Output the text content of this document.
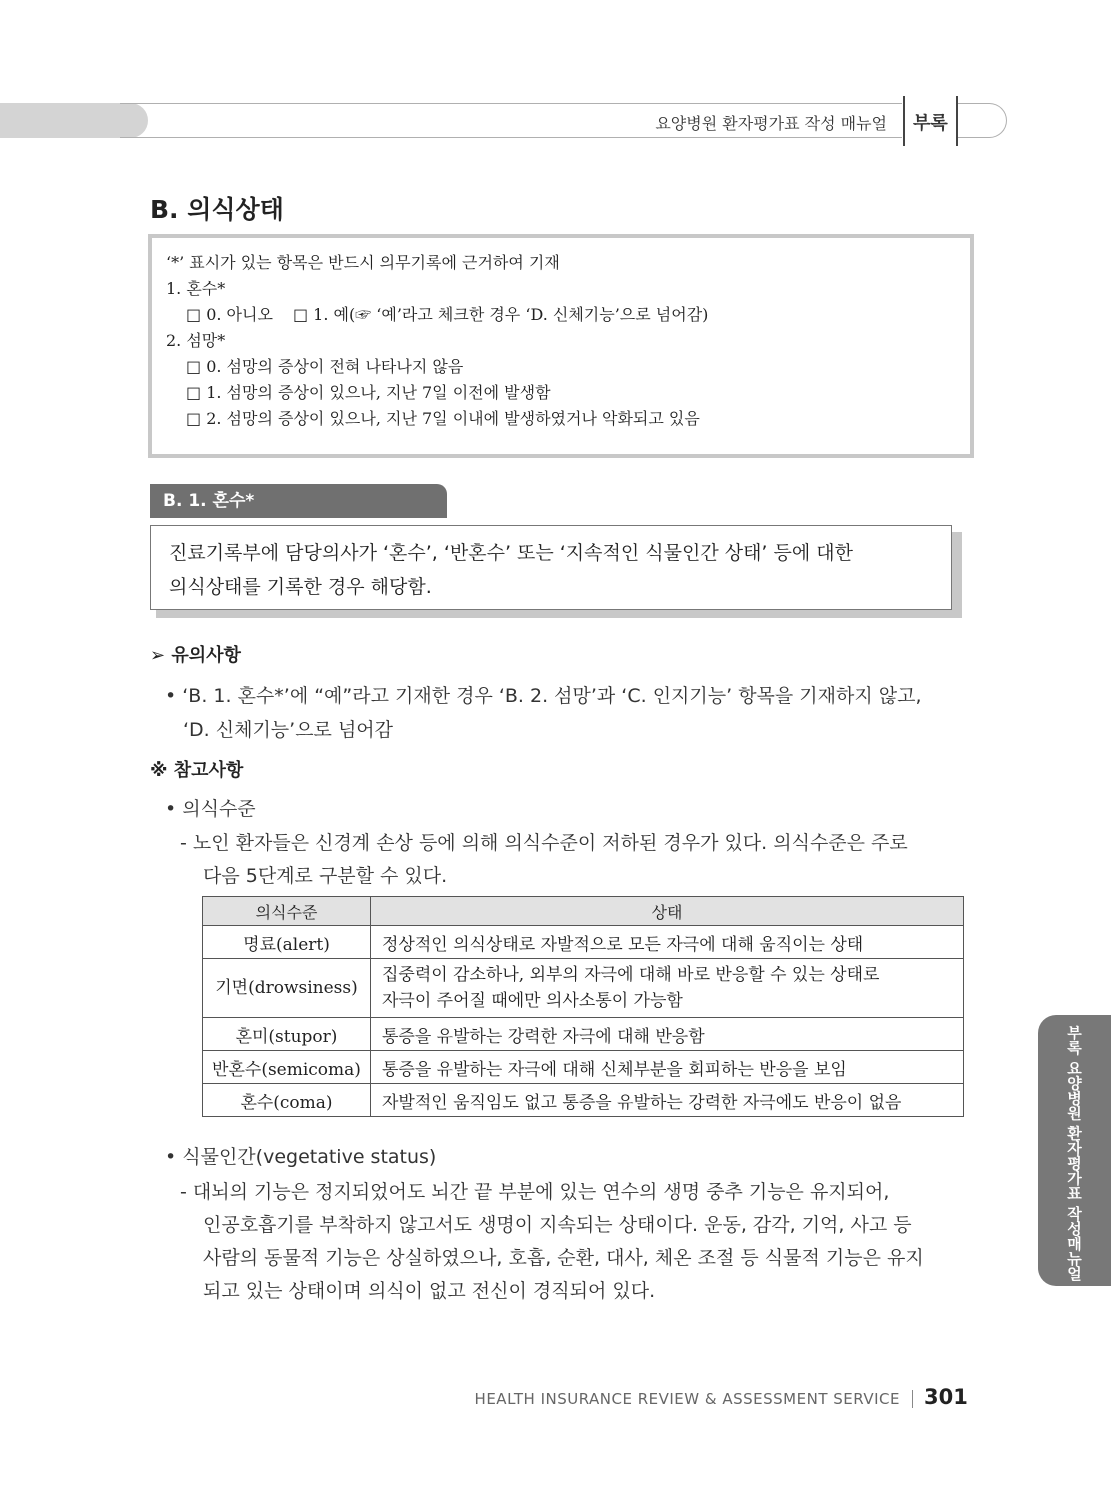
요양병원 환자평가표 작성 매뉴얼 부록
B. 의식상태
‘*’ 표시가 있는 항목은 반드시 의무기록에 근거하여 기재
1. 혼수*
□ 0. 아니오 □ 1. 예(☞ ‘예’라고 체크한 경우 ‘D. 신체기능’으로 넘어감)
2. 섬망*
□ 0. 섬망의 증상이 전혀 나타나지 않음
□ 1. 섬망의 증상이 있으나, 지난 7일 이전에 발생함
□ 2. 섬망의 증상이 있으나, 지난 7일 이내에 발생하였거나 악화되고 있음
B. 1. 혼수*
진료기록부에 담당의사가 ‘혼수’, ‘반혼수’ 또는 ‘지속적인 식물인간 상태’ 등에 대한
의식상태를 기록한 경우 해당함.
➢ 유의사항
• ‘B. 1. 혼수*’에 “예”라고 기재한 경우 ‘B. 2. 섬망’과 ‘C. 인지기능’ 항목을 기재하지 않고,
‘D. 신체기능’으로 넘어감
※ 참고사항
• 의식수준
- 노인 환자들은 신경계 손상 등에 의해 의식수준이 저하된 경우가 있다. 의식수준은 주로
다음 5단계로 구분할 수 있다.
의식수준	상태
명료(alert)	정상적인 의식상태로 자발적으로 모든 자극에 대해 움직이는 상태
기면(drowsiness)	집중력이 감소하나, 외부의 자극에 대해 바로 반응할 수 있는 상태로
자극이 주어질 때에만 의사소통이 가능함

혼미(stupor)	통증을 유발하는 강력한 자극에 대해 반응함
반혼수(semicoma)	통증을 유발하는 자극에 대해 신체부분을 회피하는 반응을 보임
혼수(coma)	자발적인 움직임도 없고 통증을 유발하는 강력한 자극에도 반응이 없음
• 식물인간(vegetative status)
- 대뇌의 기능은 정지되었어도 뇌간 끝 부분에 있는 연수의 생명 중추 기능은 유지되어,
인공호흡기를 부착하지 않고서도 생명이 지속되는 상태이다. 운동, 감각, 기억, 사고 등
사람의 동물적 기능은 상실하였으나, 호흡, 순환, 대사, 체온 조절 등 식물적 기능은 유지
되고 있는 상태이며 의식이 없고 전신이 경직되어 있다.
부록 요양병원 환자평가표 작성매뉴얼
HEALTH INSURANCE REVIEW & ASSESSMENT SERVICE 301
